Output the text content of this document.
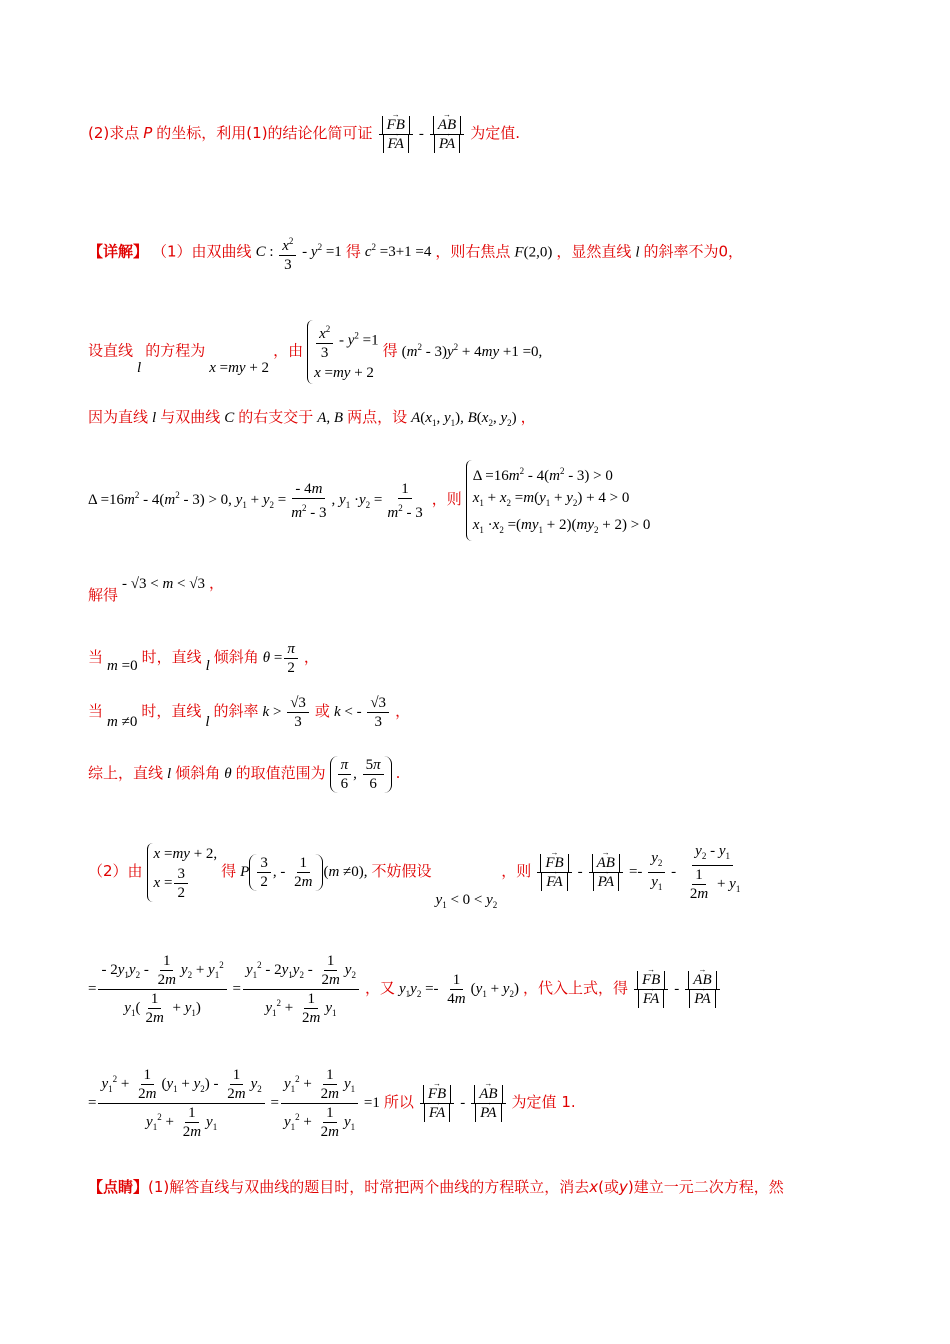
(2)求点 P 的坐标，利用(1)的结论化简可证 → FB
→ FA - → AB
→ PA 为定值.
【详解】 （1）由双曲线 C : $\frac{x^2}{3} - y^2 =1$ 得 $c^2 =3+1 =4$ ，则右焦点 F(2,0) ，显然直线 l 的斜率不为0，
设直线 l 的方程为 x =my + 2 ，由 $\frac{x^2}{3} - y^2 =1$
x =my + 2
得 $(m^2 - 3)y^2 + 4my +1 =0$,
因为直线 l 与双曲线 C 的右支交于 A, B 两点，设 $A(x_1$, $y_1$), $B(x_2$, $y_2$) ，
$\Delta =16m^2 - 4(m^2 - 3) > 0$, $y_1 + y_2 = \frac{- 4m}{m^2 - 3}$ , $y_1 \cdot y_2 = \frac{1}{m^2 - 3}$ ，则
$\Delta =16m^2 - 4(m^2 - 3) > 0$
$x_1 + x_2 =m(y_1 + y_2) + 4 > 0$
$x_1 \cdot x_2 =(my_1 + 2)(my_2 + 2) > 0$
解得 - √3 < m < √3 ，
当 m =0 时，直线 l 倾斜角 $\theta = \frac{\pi}{2}$ ，
当 m ≠0 时，直线 l 的斜率 $k > \frac{√3}{3}$ 或 k < - $\frac{√3}{3}$ ，
综上，直线 l 倾斜角 θ 的取值范围为 $\frac{\pi}{6}$ , $\frac{5\pi}{6}$ .
（2）由
x =my + 2,
$x = \frac{3}{2}$ 得 P $\frac{3}{2}$ , - $\frac{1}{2m} (m \ne 0)$, 不妨假设 $y_1 < 0 < y_2$ ，则 → FB
→ FA - → AB
→ PA =- $\frac{y_2}{y_1} - \frac{y_2 - y_1}{\frac{1}{2m} + y_1}$
= $\frac{- 2y_1y_2 - \frac{1}{2m} y_2 + y_1^2}{y_1( \frac{1}{2m} + y_1)} = \frac{y_1^2 - 2y_1y_2 - \frac{1}{2m} y_2}{y_1^2 + \frac{1}{2m} y_1}$ ，又 $y_1y_2 =- \frac{1}{4m} (y_1 + y_2)$ ，代入上式，得 → FB
→ FA - → AB
→ PA
= $\frac{y_1^2 + \frac{1}{2m} (y_1 + y_2) - \frac{1}{2m} y_2}{y_1^2 + \frac{1}{2m} y_1} = \frac{y_1^2 + \frac{1}{2m} y_1}{y_1^2 + \frac{1}{2m} y_1} =1$ 所以 → FB
→ FA - → AB
→ PA 为定值 1.
【点睛】(1)解答直线与双曲线的题目时，时常把两个曲线的方程联立，消去x(或y)建立一元二次方程，然
